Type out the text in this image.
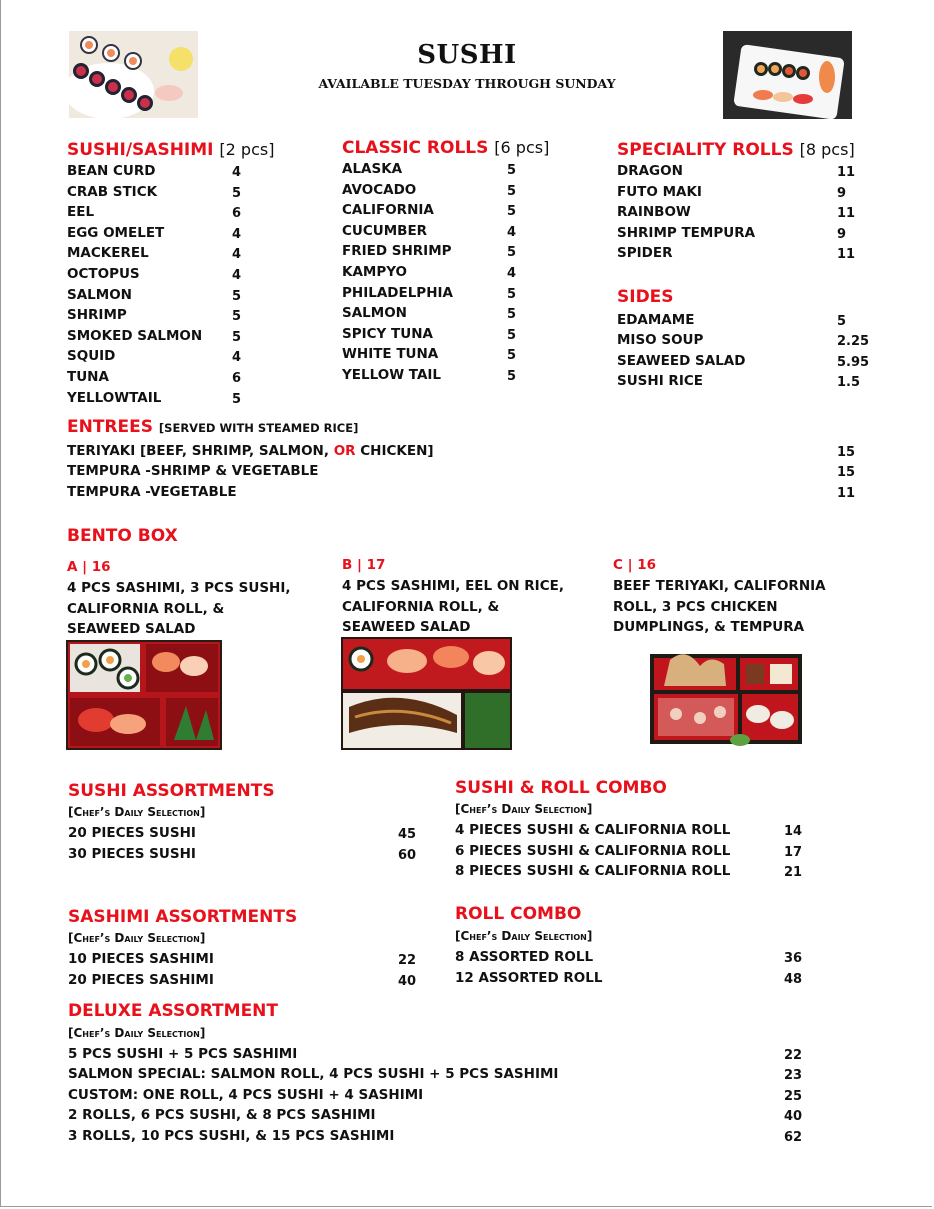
SUSHI
AVAILABLE TUESDAY THROUGH SUNDAY
SUSHI/SASHIMI [2 pcs]
BEAN CURD	4
CRAB STICK	5
EEL	6
EGG OMELET	4
MACKEREL	4
OCTOPUS	4
SALMON	5
SHRIMP	5
SMOKED SALMON 5
SQUID	4
TUNA	6
YELLOWTAIL	5
CLASSIC ROLLS [6 pcs]
ALASKA	5
AVOCADO	5
CALIFORNIA	5
CUCUMBER	4
FRIED SHRIMP	5
KAMPYO	4
PHILADELPHIA	5
SALMON	5
SPICY TUNA	5
WHITE TUNA	5
YELLOW TAIL	5
SPECIALITY ROLLS [8 pcs]
DRAGON	11
FUTO MAKI	9
RAINBOW	11
SHRIMP TEMPURA	9
SPIDER	11
SIDES
EDAMAME	5
MISO SOUP	2.25
SEAWEED SALAD	5.95
SUSHI RICE	1.5
ENTREES [SERVED WITH STEAMED RICE]
TERIYAKI [BEEF, SHRIMP, SALMON, OR CHICKEN]	15
TEMPURA -SHRIMP & VEGETABLE	15
TEMPURA -VEGETABLE	11
BENTO BOX
A | 16
4 PCS SASHIMI, 3 PCS SUSHI,
CALIFORNIA ROLL, &
SEAWEED SALAD
B | 17
4 PCS SASHIMI, EEL ON RICE,
CALIFORNIA ROLL, &
SEAWEED SALAD
C | 16
BEEF TERIYAKI, CALIFORNIA
ROLL, 3 PCS CHICKEN
DUMPLINGS, & TEMPURA
SUSHI ASSORTMENTS
[Chef’s Daily Selection]
20 PIECES SUSHI	45
30 PIECES SUSHI	60
SUSHI & ROLL COMBO
[Chef’s Daily Selection]
4 PIECES SUSHI & CALIFORNIA ROLL	14
6 PIECES SUSHI & CALIFORNIA ROLL	17
8 PIECES SUSHI & CALIFORNIA ROLL	21
SASHIMI ASSORTMENTS
[Chef’s Daily Selection]
10 PIECES SASHIMI	22
20 PIECES SASHIMI	40
ROLL COMBO
[Chef’s Daily Selection]
8 ASSORTED ROLL	36
12 ASSORTED ROLL	48
DELUXE ASSORTMENT
[Chef’s Daily Selection]
5 PCS SUSHI + 5 PCS SASHIMI	22
SALMON SPECIAL: SALMON ROLL, 4 PCS SUSHI + 5 PCS SASHIMI	23
CUSTOM: ONE ROLL, 4 PCS SUSHI + 4 SASHIMI	25
2 ROLLS, 6 PCS SUSHI, & 8 PCS SASHIMI	40
3 ROLLS, 10 PCS SUSHI, & 15 PCS SASHIMI	62
